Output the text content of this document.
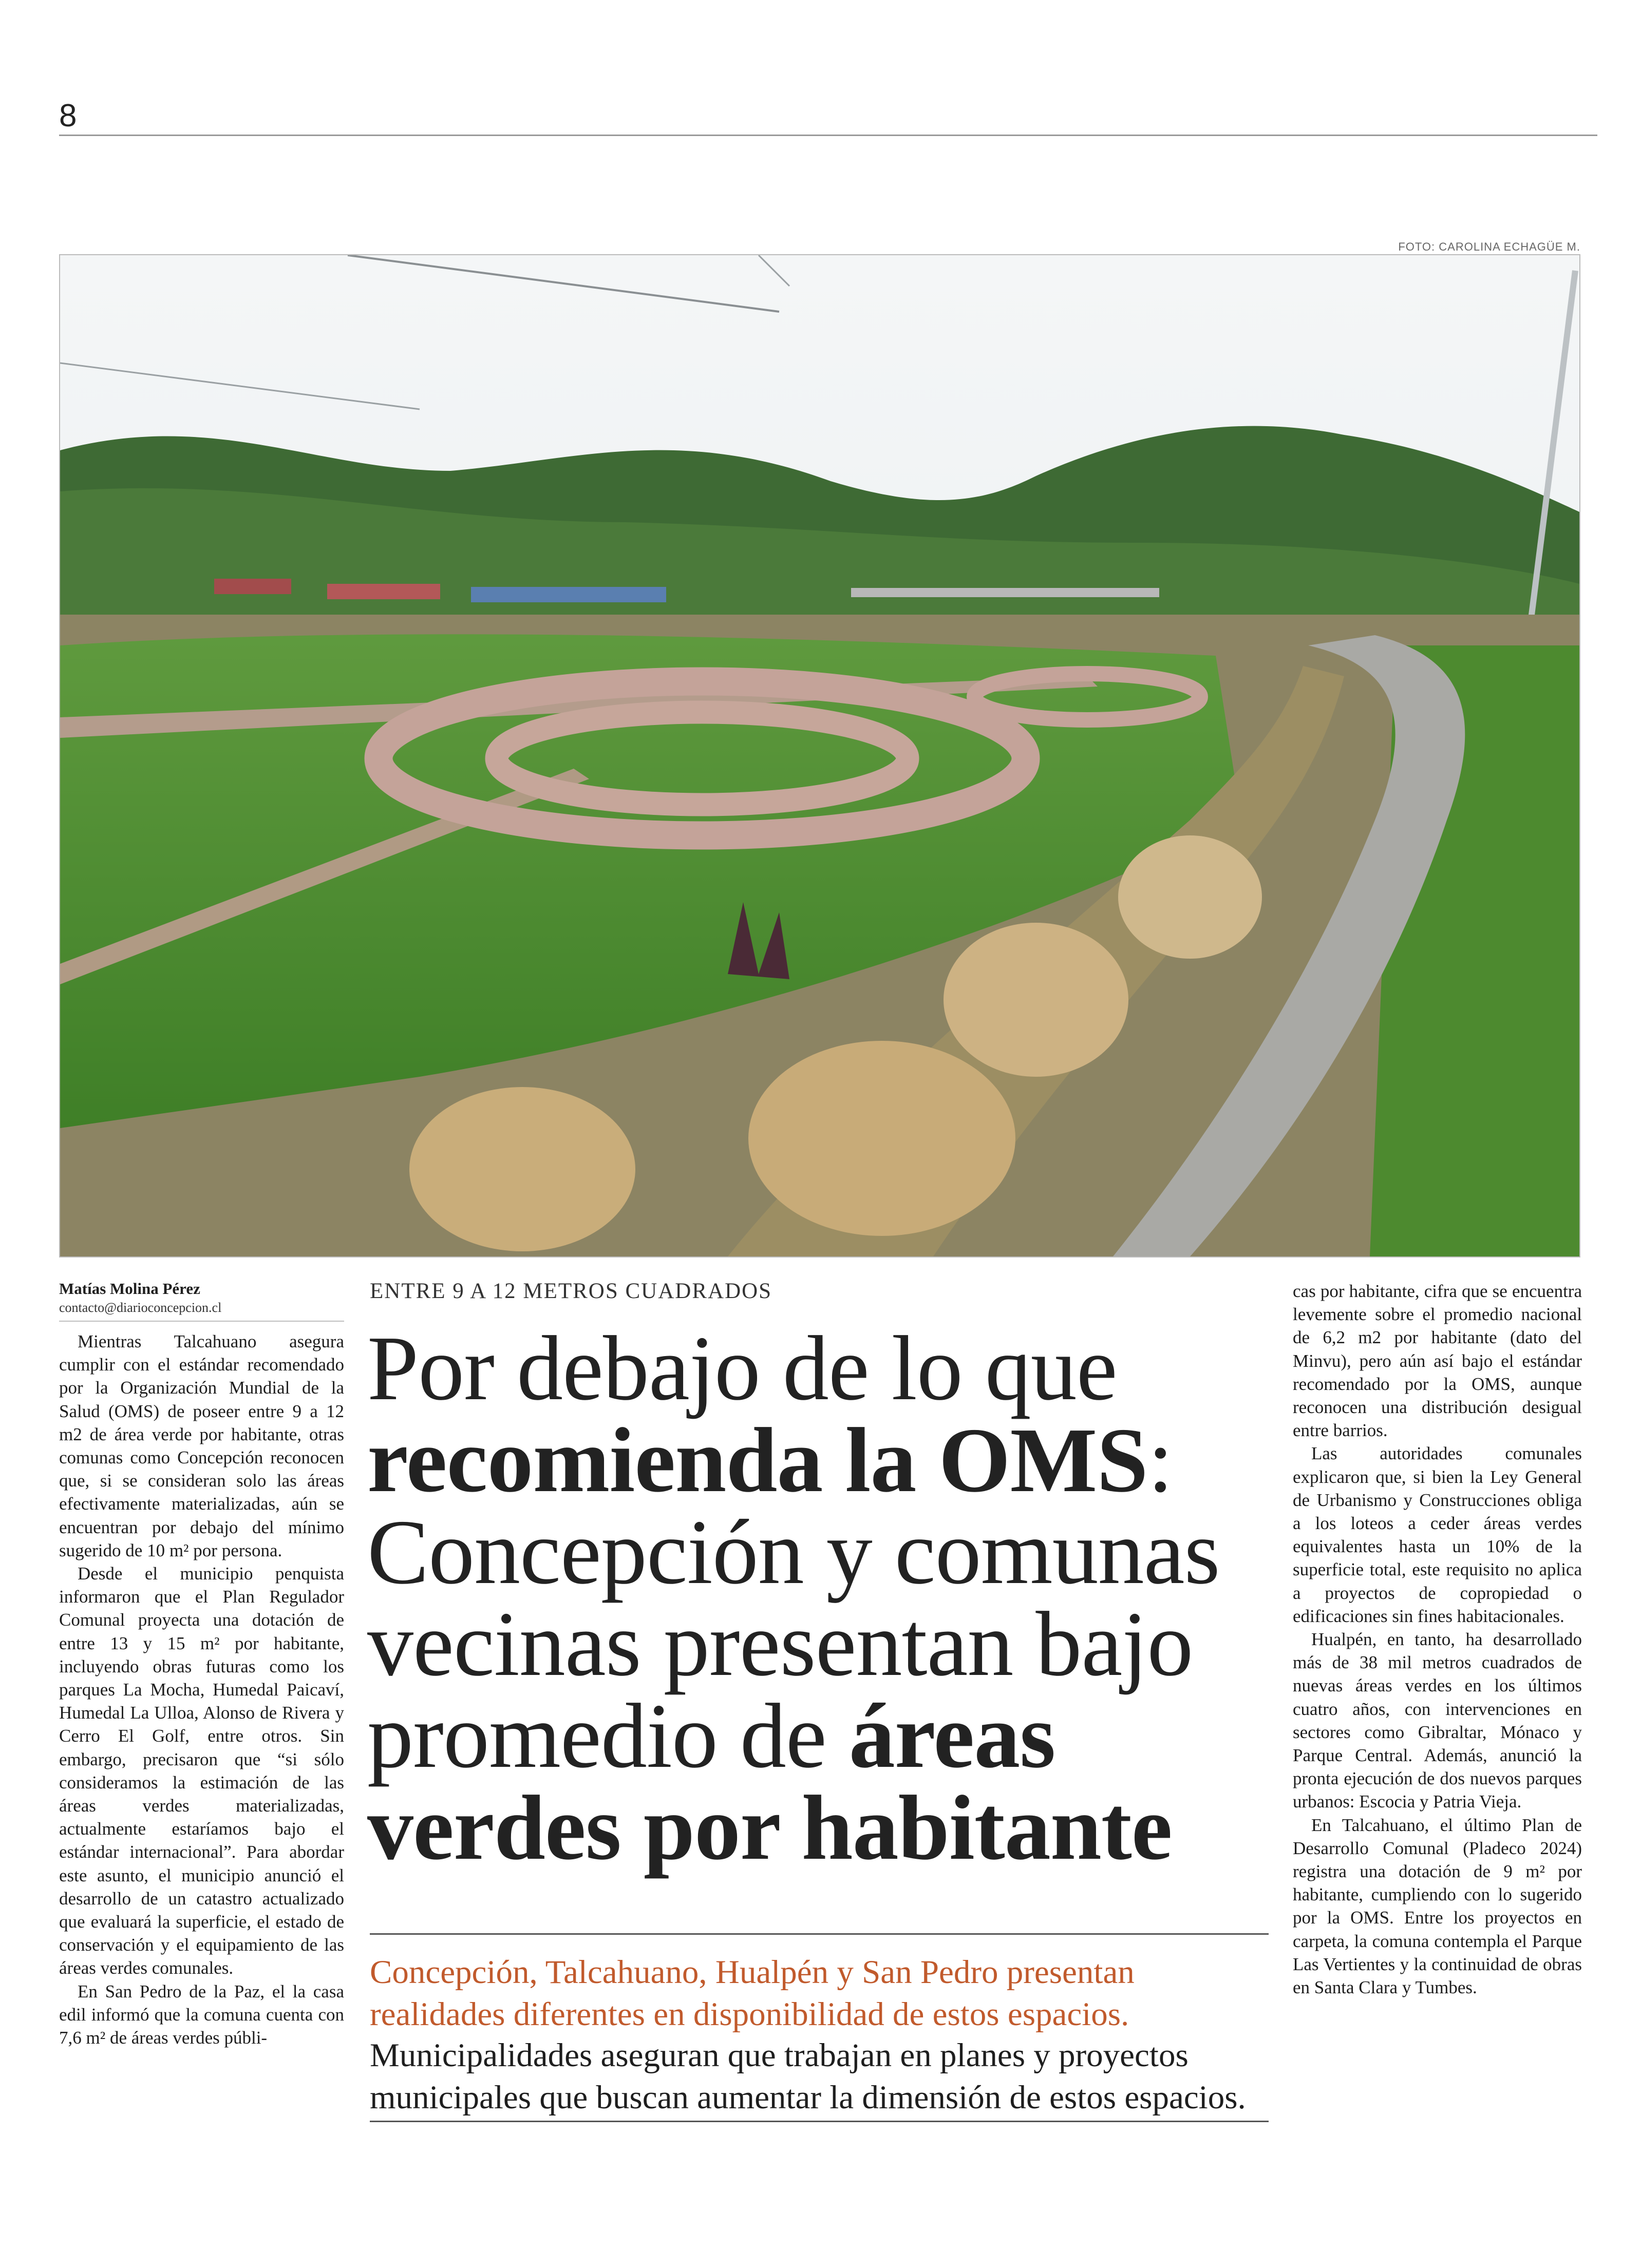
8
FOTO: CAROLINA ECHAGÜE M.
Matías Molina Pérez
contacto@diarioconcepcion.cl

Mientras Talcahuano asegura cumplir con el estándar recomendado por la Organización Mundial de la Salud (OMS) de poseer entre 9 a 12 m2 de área verde por habitante, otras comunas como Concepción reconocen que, si se consideran solo las áreas efectivamente materializadas, aún se encuentran por debajo del mínimo sugerido de 10 m² por persona.

Desde el municipio penquista informaron que el Plan Regulador Comunal proyecta una dotación de entre 13 y 15 m² por habitante, incluyendo obras futuras como los parques La Mocha, Humedal Paicaví, Humedal La Ulloa, Alonso de Rivera y Cerro El Golf, entre otros. Sin embargo, precisaron que “si sólo consideramos la estimación de las áreas verdes materializadas, actualmente estaríamos bajo el estándar internacional”. Para abordar este asunto, el municipio anunció el desarrollo de un catastro actualizado que evaluará la superficie, el estado de conservación y el equipamiento de las áreas verdes comunales.

En San Pedro de la Paz, el la casa edil informó que la comuna cuenta con 7,6 m² de áreas verdes públi-

ENTRE 9 A 12 METROS CUADRADOS
Por debajo de lo que
recomienda la OMS:
Concepción y comunas
vecinas presentan bajo
promedio de áreas
verdes por habitante
Concepción, Talcahuano, Hualpén y San Pedro presentan realidades diferentes en disponibilidad de estos espacios.
Municipalidades aseguran que trabajan en planes y proyectos municipales que buscan aumentar la dimensión de estos espacios.

cas por habitante, cifra que se encuentra levemente sobre el promedio nacional de 6,2 m2 por habitante (dato del Minvu), pero aún así bajo el estándar recomendado por la OMS, aunque reconocen una distribución desigual entre barrios.

Las autoridades comunales explicaron que, si bien la Ley General de Urbanismo y Construcciones obliga a los loteos a ceder áreas verdes equivalentes hasta un 10% de la superficie total, este requisito no aplica a proyectos de copropiedad o edificaciones sin fines habitacionales.

Hualpén, en tanto, ha desarrollado más de 38 mil metros cuadrados de nuevas áreas verdes en los últimos cuatro años, con intervenciones en sectores como Gibraltar, Mónaco y Parque Central. Además, anunció la pronta ejecución de dos nuevos parques urbanos: Escocia y Patria Vieja.

En Talcahuano, el último Plan de Desarrollo Comunal (Pladeco 2024) registra una dotación de 9 m² por habitante, cumpliendo con lo sugerido por la OMS. Entre los proyectos en carpeta, la comuna contempla el Parque Las Vertientes y la continuidad de obras en Santa Clara y Tumbes.
